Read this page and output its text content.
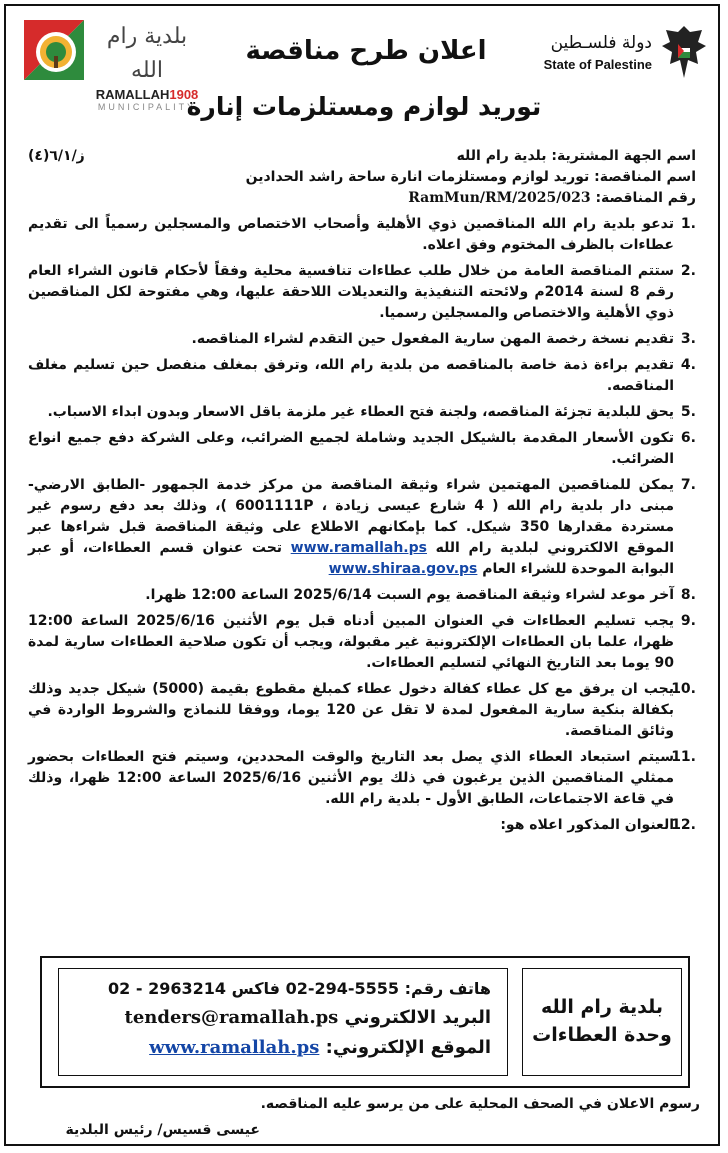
بلدية رام الله
RAMALLAH1908
MUNICIPALITY
اعلان طرح مناقصة	دولة فلسـطين
State of Palestine
توريد لوازم ومستلزمات إنارة
اسم الجهة المشترية: بلدية رام الله
ز/٦/١(٤)
اسم المناقصة: توريد لوازم ومستلزمات انارة ساحة راشد الحدادين
رقم المناقصة: RamMun/RM/2025/023
.1
تدعو بلدية رام الله المناقصين ذوي الأهلية وأصحاب الاختصاص والمسجلين رسمياً الى تقديم عطاءات بالظرف المختوم وفق اعلاه.
.2
ستتم المناقصة العامة من خلال طلب عطاءات تنافسية محلية وفقاً لأحكام قانون الشراء العام رقم 8 لسنة 2014م ولائحته التنفيذية والتعديلات اللاحقة عليها، وهي مفتوحة لكل المناقصين ذوي الأهلية والاختصاص والمسجلين رسميا.
.3
تقديم نسخة رخصة المهن سارية المفعول حين التقدم لشراء المناقصه.
.4
تقديم براءة ذمة خاصة بالمناقصه من بلدية رام الله، وترفق بمغلف منفصل حين تسليم مغلف المناقصه.
.5
يحق للبلدية تجزئة المناقصه، ولجنة فتح العطاء غير ملزمة باقل الاسعار وبدون ابداء الاسباب.
.6
تكون الأسعار المقدمة بالشيكل الجديد وشاملة لجميع الضرائب، وعلى الشركة دفع جميع انواع الضرائب.
.7
يمكن للمناقصين المهتمين شراء وثيقة المناقصة من مركز خدمة الجمهور -الطابق الارضي- مبنى دار بلدية رام الله ( 4 شارع عيسى زيادة ، 6001111P )، وذلك بعد دفع رسوم غير مستردة مقدارها 350 شيكل. كما بإمكانهم الاطلاع على وثيقة المناقصة قبل شراءها عبر الموقع الالكتروني لبلدية رام الله www.ramallah.ps تحت عنوان قسم العطاءات، أو عبر البوابة الموحدة للشراء العام www.shiraa.gov.ps
.8
آخر موعد لشراء وثيقة المناقصة يوم السبت 2025/6/14 الساعة 12:00 ظهرا.
.9
يجب تسليم العطاءات في العنوان المبين أدناه قبل يوم الأثنين 2025/6/16 الساعة 12:00 ظهرا، علما بان العطاءات الإلكترونية غير مقبولة، ويجب أن تكون صلاحية العطاءات سارية لمدة 90 يوما بعد التاريخ النهائي لتسليم العطاءات.
.10
يجب ان يرفق مع كل عطاء كفالة دخول عطاء كمبلغ مقطوع بقيمة (5000) شيكل جديد وذلك بكفالة بنكية سارية المفعول لمدة لا تقل عن 120 يوما، ووفقا للنماذج والشروط الواردة في وثائق المناقصة.
.11
سيتم استبعاد العطاء الذي يصل بعد التاريخ والوقت المحددين، وسيتم فتح العطاءات بحضور ممثلي المناقصين الذين يرغبون في ذلك يوم الأثنين 2025/6/16 الساعة 12:00 ظهرا، وذلك في قاعة الاجتماعات، الطابق الأول - بلدية رام الله.
.12
العنوان المذكور اعلاه هو:
بلدية رام الله
وحدة العطاءات
هاتف رقم: 5555-294-02 فاكس 2963214 - 02
البريد الالكتروني tenders@ramallah.ps
الموقع الإلكتروني: www.ramallah.ps
رسوم الاعلان في الصحف المحلية على من يرسو عليه المناقصه.
عيسى قسيس/ رئيس البلدية
